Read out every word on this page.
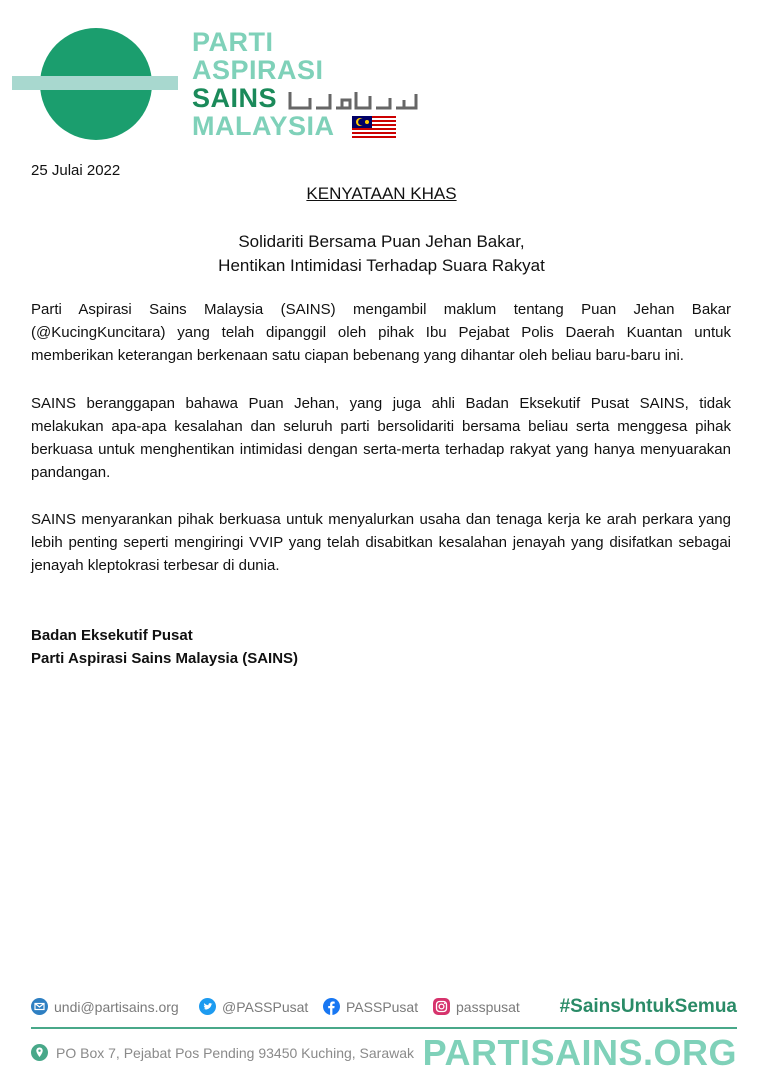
PARTI
ASPIRASI
SAINS
MALAYSIA
25 Julai 2022
KENYATAAN KHAS
Solidariti Bersama Puan Jehan Bakar,
Hentikan Intimidasi Terhadap Suara Rakyat

Parti Aspirasi Sains Malaysia (SAINS) mengambil maklum tentang Puan Jehan Bakar (@KucingKuncitara) yang telah dipanggil oleh pihak Ibu Pejabat Polis Daerah Kuantan untuk memberikan keterangan berkenaan satu ciapan bebenang yang dihantar oleh beliau baru-baru ini.

SAINS beranggapan bahawa Puan Jehan, yang juga ahli Badan Eksekutif Pusat SAINS, tidak melakukan apa-apa kesalahan dan seluruh parti bersolidariti bersama beliau serta menggesa pihak berkuasa untuk menghentikan intimidasi dengan serta-merta terhadap rakyat yang hanya menyuarakan pandangan.

SAINS menyarankan pihak berkuasa untuk menyalurkan usaha dan tenaga kerja ke arah perkara yang lebih penting seperti mengiringi VVIP yang telah disabitkan kesalahan jenayah yang disifatkan sebagai jenayah kleptokrasi terbesar di dunia.

Badan Eksekutif Pusat
Parti Aspirasi Sains Malaysia (SAINS)
undi@partisains.org	@PASSPusat	PASSPusat	passpusat #SainsUntukSemua
PO Box 7, Pejabat Pos Pending 93450 Kuching, Sarawak PARTISAINS.ORG
